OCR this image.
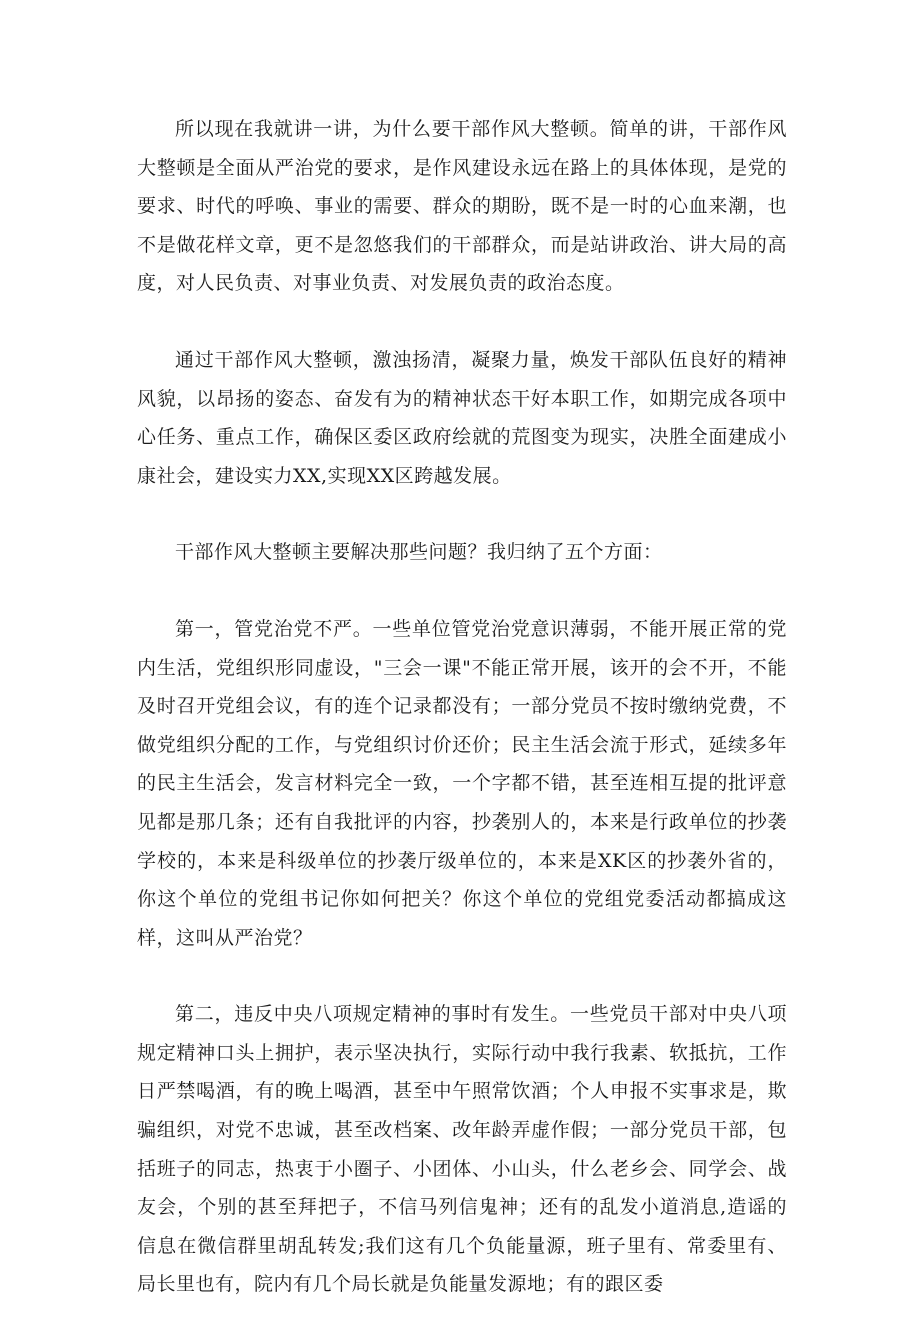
所以现在我就讲一讲，为什么要干部作风大整顿。简单的讲，干部作风大整顿是全面从严治党的要求，是作风建设永远在路上的具体体现，是党的要求、时代的呼唤、事业的需要、群众的期盼，既不是一时的心血来潮，也不是做花样文章，更不是忽悠我们的干部群众，而是站讲政治、讲大局的高度，对人民负责、对事业负责、对发展负责的政治态度。

通过干部作风大整顿，激浊扬清，凝聚力量，焕发干部队伍良好的精神风貌，以昂扬的姿态、奋发有为的精神状态干好本职工作，如期完成各项中心任务、重点工作，确保区委区政府绘就的荒图变为现实，决胜全面建成小康社会，建设实力XX,实现XX区跨越发展。

干部作风大整顿主要解决那些问题？我归纳了五个方面：

第一，管党治党不严。一些单位管党治党意识薄弱，不能开展正常的党内生活，党组织形同虚设，"三会一课"不能正常开展，该开的会不开，不能及时召开党组会议，有的连个记录都没有；一部分党员不按时缴纳党费，不做党组织分配的工作，与党组织讨价还价；民主生活会流于形式，延续多年的民主生活会，发言材料完全一致，一个字都不错，甚至连相互提的批评意见都是那几条；还有自我批评的内容，抄袭别人的，本来是行政单位的抄袭学校的，本来是科级单位的抄袭厅级单位的，本来是XK区的抄袭外省的，你这个单位的党组书记你如何把关？你这个单位的党组党委活动都搞成这样，这叫从严治党？

第二，违反中央八项规定精神的事时有发生。一些党员干部对中央八项规定精神口头上拥护，表示坚决执行，实际行动中我行我素、软抵抗，工作日严禁喝酒，有的晚上喝酒，甚至中午照常饮酒；个人申报不实事求是，欺骗组织，对党不忠诚，甚至改档案、改年龄弄虚作假；一部分党员干部，包括班子的同志，热衷于小圈子、小团体、小山头，什么老乡会、同学会、战友会，个别的甚至拜把子，不信马列信鬼神；还有的乱发小道消息,造谣的信息在微信群里胡乱转发;我们这有几个负能量源，班子里有、常委里有、局长里也有，院内有几个局长就是负能量发源地；有的跟区委
